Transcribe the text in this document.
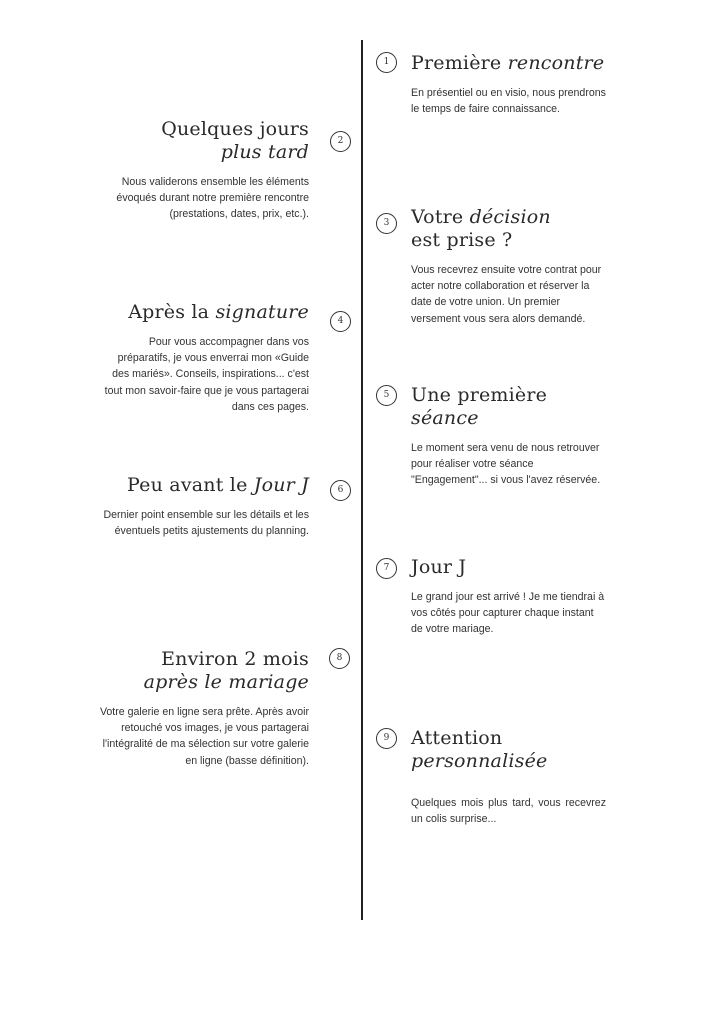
1	Première rencontre
En présentiel ou en visio, nous prendrons le temps de faire connaissance.
2
Quelques jours
plus tard
Nous validerons ensemble les éléments évoqués durant notre première rencontre (prestations, dates, prix, etc.).
3	Votre décision
est prise ?
Vous recevrez ensuite votre contrat pour acter notre collaboration et réserver la date de votre union. Un premier versement vous sera alors demandé.
4
Après la signature
Pour vous accompagner dans vos préparatifs, je vous enverrai mon «Guide des mariés». Conseils, inspirations... c'est tout mon savoir-faire que je vous partagerai dans ces pages.
5	Une première séance
Le moment sera venu de nous retrouver pour réaliser votre séance "Engagement"... si vous l'avez réservée.
6
Peu avant le Jour J
Dernier point ensemble sur les détails et les éventuels petits ajustements du planning.
7	Jour J
Le grand jour est arrivé ! Je me tiendrai à vos côtés pour capturer chaque instant de votre mariage.
8
Environ 2 mois
après le mariage
Votre galerie en ligne sera prête. Après avoir retouché vos images, je vous partagerai l'intégralité de ma sélection sur votre galerie en ligne (basse définition).
9	Attention
personnalisée
Quelques mois plus tard, vous recevrez un colis surprise...
